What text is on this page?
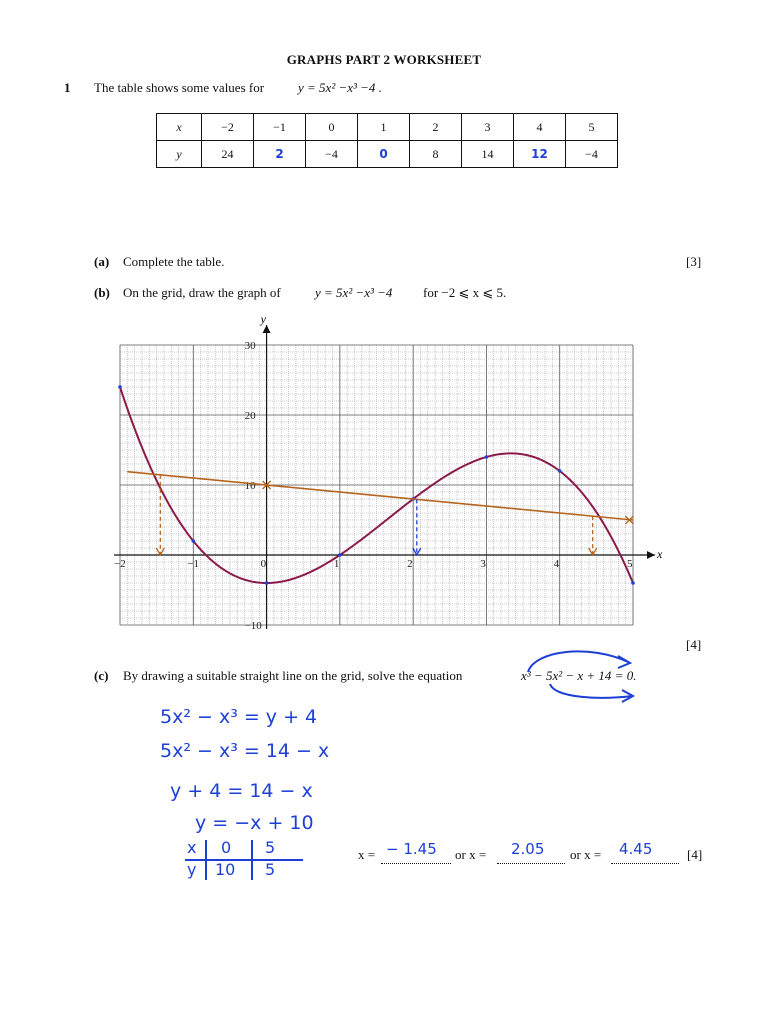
GRAPHS PART 2 WORKSHEET
1 The table shows some values for	y = 5x² −x³ −4 .
x	−2	−1	0	1	2	3	4	5
y	24	2	−4	0	8	14	12	−4
(a) Complete the table.	[3]
(b) On the grid, draw the graph of	y = 5x² −x³ −4 for −2 ⩽ x ⩽ 5.
x
y
−2	−1	0	1	2	3	4	5
30
20
10
−10
[4]
(c) By drawing a suitable straight line on the grid, solve the equation	x³ − 5x² − x + 14 = 0.
5x² − x³ = y + 4
5x² − x³ = 14 − x
y + 4 = 14 − x
y = −x + 10
x 0 5
y 10 5
x = − 1.45 or x = 2.05 or x = 4.45	[4]
